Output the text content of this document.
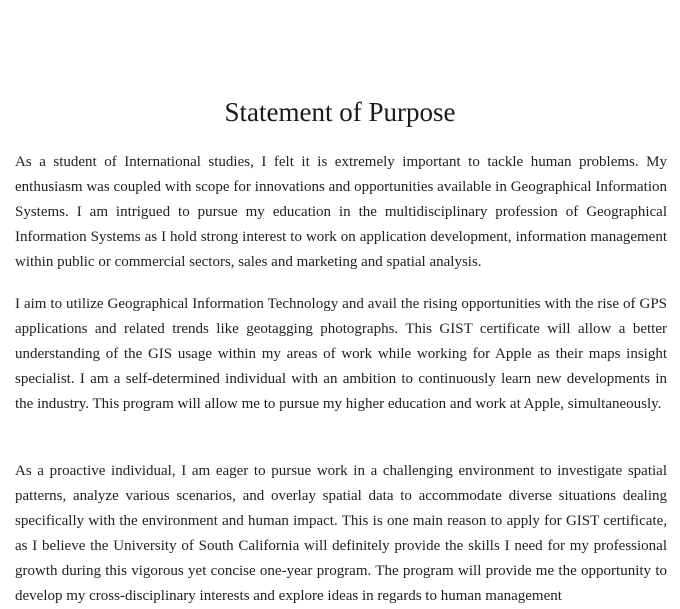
Statement of Purpose

As a student of International studies, I felt it is extremely important to tackle human problems. My enthusiasm was coupled with scope for innovations and opportunities available in Geographical Information Systems. I am intrigued to pursue my education in the multidisciplinary profession of Geographical Information Systems as I hold strong interest to work on application development, information management within public or commercial sectors, sales and marketing and spatial analysis.

I aim to utilize Geographical Information Technology and avail the rising opportunities with the rise of GPS applications and related trends like geotagging photographs. This GIST certificate will allow a better understanding of the GIS usage within my areas of work while working for Apple as their maps insight specialist. I am a self-determined individual with an ambition to continuously learn new developments in the industry. This program will allow me to pursue my higher education and work at Apple, simultaneously.

As a proactive individual, I am eager to pursue work in a challenging environment to investigate spatial patterns, analyze various scenarios, and overlay spatial data to accommodate diverse situations dealing specifically with the environment and human impact. This is one main reason to apply for GIST certificate, as I believe the University of South California will definitely provide the skills I need for my professional growth during this vigorous yet concise one-year program. The program will provide me the opportunity to develop my cross-disciplinary interests and explore ideas in regards to human management
